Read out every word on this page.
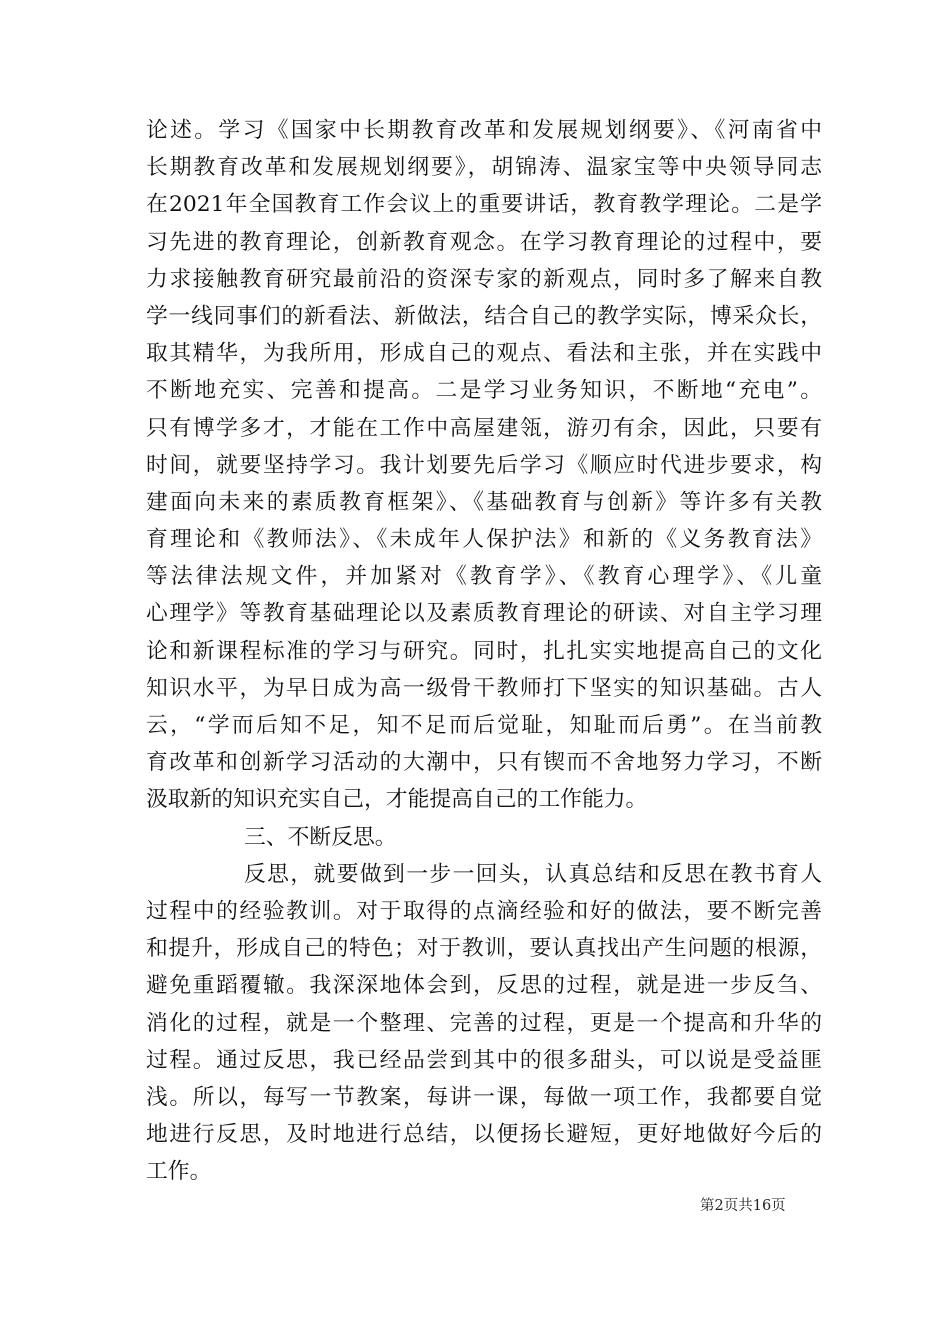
论述。学习《国家中长期教育改革和发展规划纲要》、《河南省中
长期教育改革和发展规划纲要》，胡锦涛、温家宝等中央领导同志
在2021年全国教育工作会议上的重要讲话，教育教学理论。二是学
习先进的教育理论，创新教育观念。在学习教育理论的过程中，要
力求接触教育研究最前沿的资深专家的新观点，同时多了解来自教
学一线同事们的新看法、新做法，结合自己的教学实际，博采众长，
取其精华，为我所用，形成自己的观点、看法和主张，并在实践中
不断地充实、完善和提高。二是学习业务知识，不断地“充电”。
只有博学多才，才能在工作中高屋建瓴，游刃有余，因此，只要有
时间，就要坚持学习。我计划要先后学习《顺应时代进步要求，构
建面向未来的素质教育框架》、《基础教育与创新》等许多有关教
育理论和《教师法》、《未成年人保护法》和新的《义务教育法》
等法律法规文件，并加紧对《教育学》、《教育心理学》、《儿童
心理学》等教育基础理论以及素质教育理论的研读、对自主学习理
论和新课程标准的学习与研究。同时，扎扎实实地提高自己的文化
知识水平，为早日成为高一级骨干教师打下坚实的知识基础。古人
云，“学而后知不足，知不足而后觉耻，知耻而后勇”。在当前教
育改革和创新学习活动的大潮中，只有锲而不舍地努力学习，不断
汲取新的知识充实自己，才能提高自己的工作能力。
三、不断反思。
反思，就要做到一步一回头，认真总结和反思在教书育人
过程中的经验教训。对于取得的点滴经验和好的做法，要不断完善
和提升，形成自己的特色；对于教训，要认真找出产生问题的根源，
避免重蹈覆辙。我深深地体会到，反思的过程，就是进一步反刍、
消化的过程，就是一个整理、完善的过程，更是一个提高和升华的
过程。通过反思，我已经品尝到其中的很多甜头，可以说是受益匪
浅。所以，每写一节教案，每讲一课，每做一项工作，我都要自觉
地进行反思，及时地进行总结，以便扬长避短，更好地做好今后的
工作。
第2页共16页
